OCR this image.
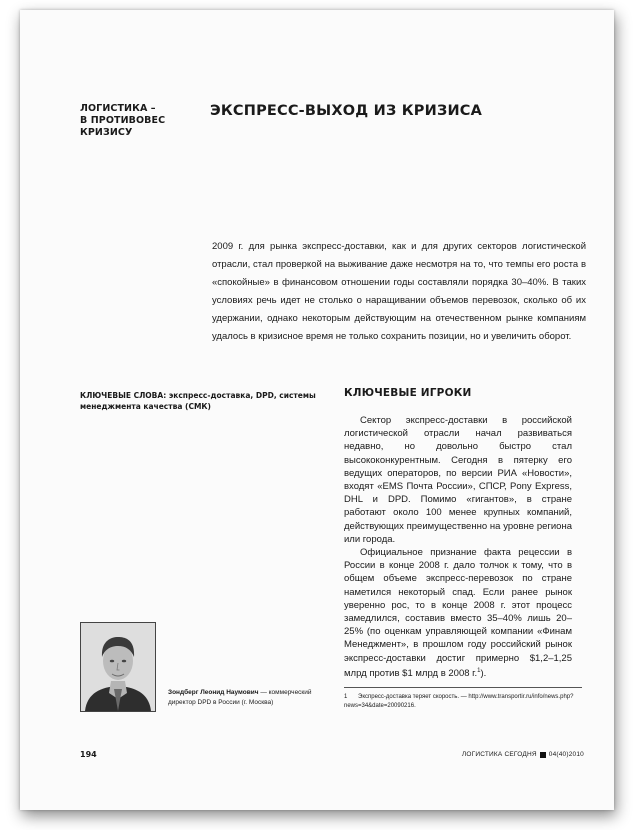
ЛОГИСТИКА –
В ПРОТИВОВЕС
КРИЗИСУ
ЭКСПРЕСС-ВЫХОД ИЗ КРИЗИСА

2009 г. для рынка экспресс-доставки, как и для других секторов логистической отрасли, стал проверкой на выживание даже несмотря на то, что темпы его роста в «спокойные» в финансовом отношении годы составляли порядка 30–40%. В таких условиях речь идет не столько о наращивании объемов перевозок, сколько об их удержании, однако некоторым действующим на отечественном рынке компаниям удалось в кризисное время не только сохранить позиции, но и увеличить оборот.

КЛЮЧЕВЫЕ СЛОВА: экспресс-доставка, DPD, системы менеджмента качества (СМК)

КЛЮЧЕВЫЕ ИГРОКИ

Сектор экспресс-доставки в российской логистической отрасли начал развиваться недавно, но довольно быстро стал высококонкурентным. Сегодня в пятерку его ведущих операторов, по версии РИА «Новости», входят «EMS Почта России», СПСР, Pony Express, DHL и DPD. Помимо «гигантов», в стране работают около 100 менее крупных компаний, действующих преимущественно на уровне региона или города.

Официальное признание факта рецессии в России в конце 2008 г. дало толчок к тому, что в общем объеме экспресс-перевозок по стране наметился некоторый спад. Если ранее рынок уверенно рос, то в конце 2008 г. этот процесс замедлился, составив вместо 35–40% лишь 20–25% (по оценкам управляющей компании «Финам Менеджмент», в прошлом году российский рынок экспресс-доставки достиг примерно $1,2–1,25 млрд против $1 млрд в 2008 г.$^1$).

1 Экспресс-доставка теряет скорость. — http://www.transportir.ru/info/news.php?news=34&date=20090216.

Зондберг Леонид Наумович — коммерческий директор DPD в России (г. Москва)

194	ЛОГИСТИКА СЕГОДНЯ 04(40)2010
